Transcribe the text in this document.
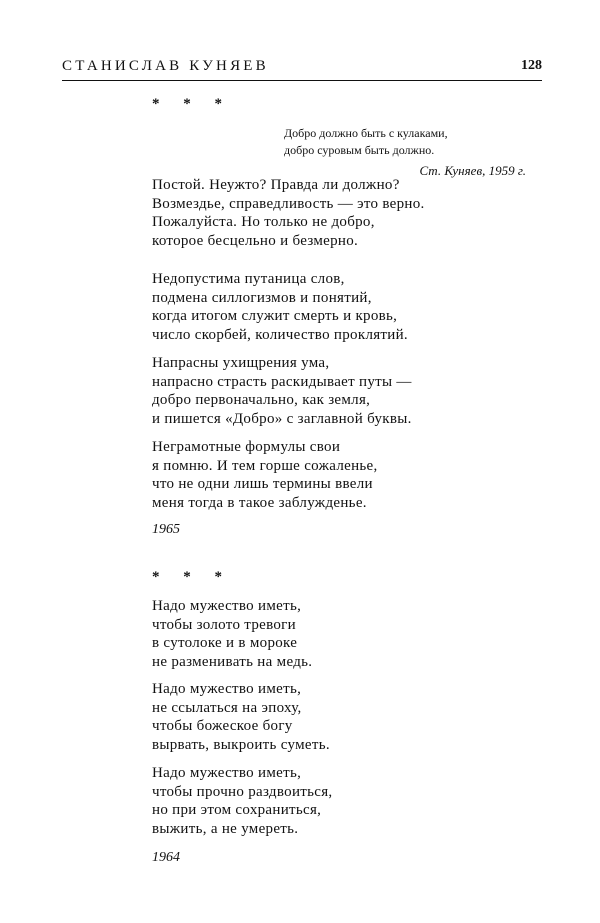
СТАНИСЛАВ КУНЯЕВ	128
* * *
Добро должно быть с кулаками,
добро суровым быть должно.
Ст. Куняев, 1959 г.
Постой. Неужто? Правда ли должно?
Возмездье, справедливость — это верно.
Пожалуйста. Но только не добро,
которое бесцельно и безмерно.
Недопустима путаница слов,
подмена силлогизмов и понятий,
когда итогом служит смерть и кровь,
число скорбей, количество проклятий.
Напрасны ухищрения ума,
напрасно страсть раскидывает путы —
добро первоначально, как земля,
и пишется «Добро» с заглавной буквы.
Неграмотные формулы свои
я помню. И тем горше сожаленье,
что не одни лишь термины ввели
меня тогда в такое заблужденье.
1965
* * *
Надо мужество иметь,
чтобы золото тревоги
в сутолоке и в мороке
не разменивать на медь.
Надо мужество иметь,
не ссылаться на эпоху,
чтобы божеское богу
вырвать, выкроить суметь.
Надо мужество иметь,
чтобы прочно раздвоиться,
но при этом сохраниться,
выжить, а не умереть.
1964
